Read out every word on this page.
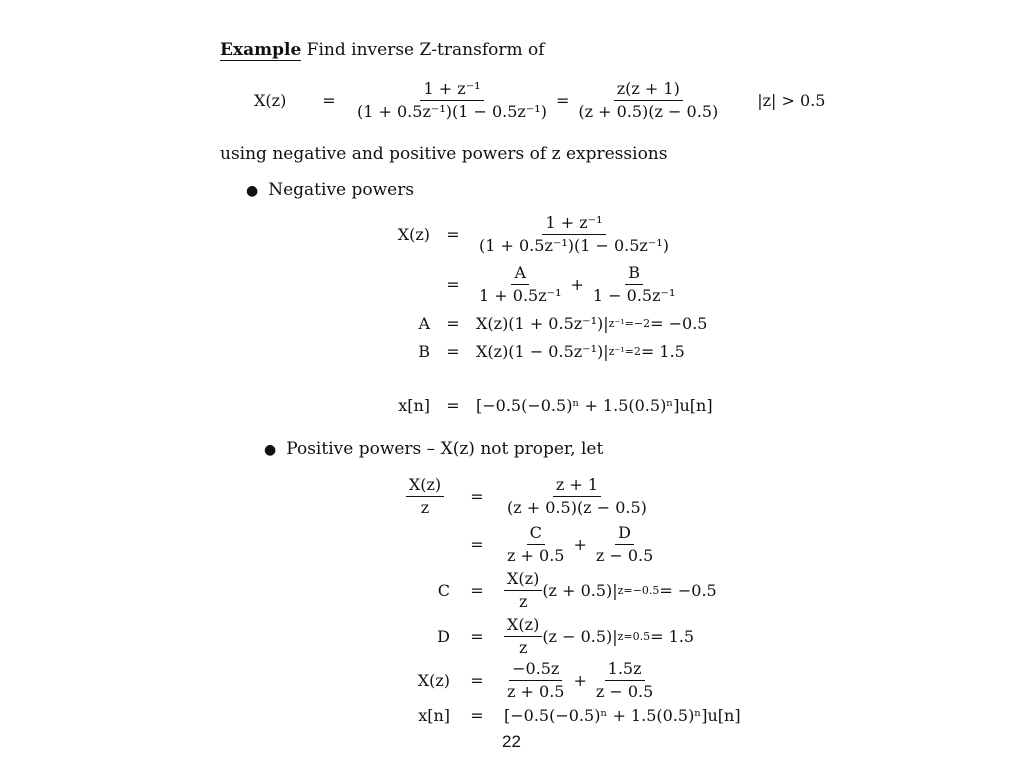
Example Find inverse Z-transform of
X(z)	=	$\frac{\text{1 + z⁻¹}}{\text{(1 + 0.5z⁻¹)(1 − 0.5z⁻¹)}} = \frac{z(z + 1)}{(z + 0.5)(z - 0.5)} |z| > 0.5$
using negative and positive powers of z expressions
● Negative powers
X(z)	=	$\frac{\text{1 + z⁻¹}}{\text{(1 + 0.5z⁻¹)(1 − 0.5z⁻¹)}}$
=	$\frac{A}{\text{1 + 0.5z⁻¹}} + \frac{B}{\text{1 − 0.5z⁻¹}}$
A	=	X(z)(1 + 0.5z⁻¹)| z⁻¹=−2 = −0.5
B	=	X(z)(1 − 0.5z⁻¹)| z⁻¹=2 = 1.5
x[n]	=	[−0.5(−0.5)ⁿ + 1.5(0.5)ⁿ]u[n]
● Positive powers – X(z) not proper, let
$\frac{X(z)}{z}$	=	$\frac{z + 1}{(z + 0.5)(z - 0.5)}$
=	$\frac{C}{z + 0.5} + \frac{D}{z - 0.5}$
C	=	$\frac{X(z)}{z} (z + 0.5)|$ z=−0.5 = −0.5
D	=	$\frac{X(z)}{z} (z - 0.5)|$ z=0.5 = 1.5
X(z)	=	$\frac{-0.5z}{z + 0.5} + \frac{1.5z}{z - 0.5}$
x[n]	=	[−0.5(−0.5)ⁿ + 1.5(0.5)ⁿ]u[n]
22
